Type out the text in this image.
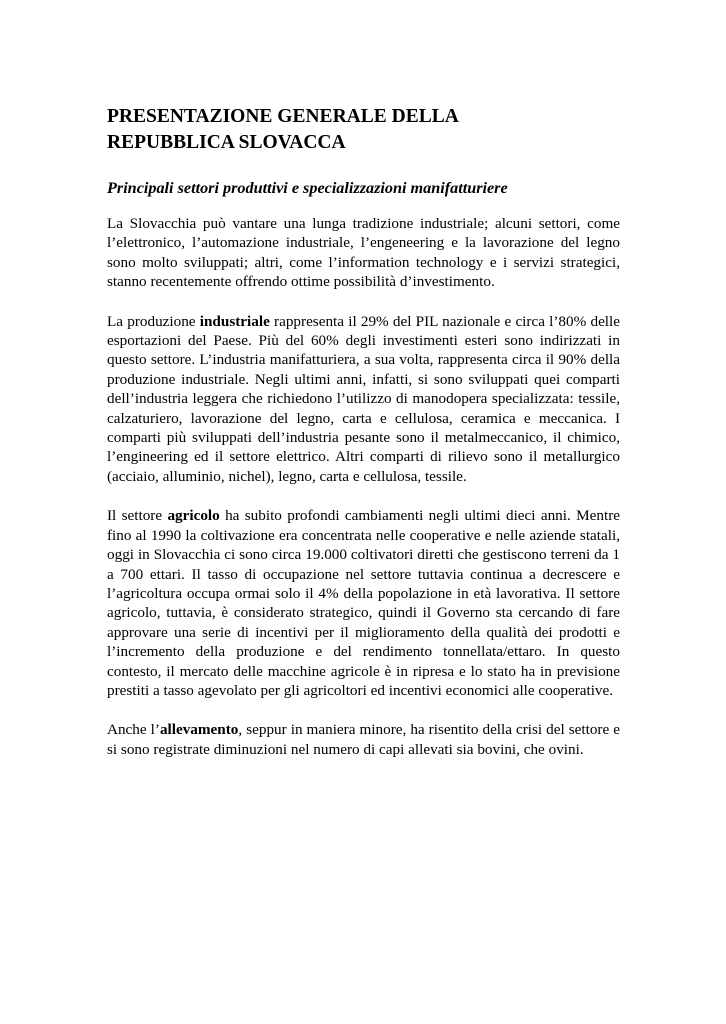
PRESENTAZIONE GENERALE DELLA
REPUBBLICA SLOVACCA
Principali settori produttivi e specializzazioni manifatturiere

La Slovacchia può vantare una lunga tradizione industriale; alcuni settori, come l’elettronico, l’automazione industriale, l’engeneering e la lavorazione del legno sono molto sviluppati; altri, come l’information technology e i servizi strategici, stanno recentemente offrendo ottime possibilità d’investimento.

La produzione industriale rappresenta il 29% del PIL nazionale e circa l’80% delle esportazioni del Paese. Più del 60% degli investimenti esteri sono indirizzati in questo settore. L’industria manifatturiera, a sua volta, rappresenta circa il 90% della produzione industriale. Negli ultimi anni, infatti, si sono sviluppati quei comparti dell’industria leggera che richiedono l’utilizzo di manodopera specializzata: tessile, calzaturiero, lavorazione del legno, carta e cellulosa, ceramica e meccanica. I comparti più sviluppati dell’industria pesante sono il metalmeccanico, il chimico, l’engineering ed il settore elettrico. Altri comparti di rilievo sono il metallurgico (acciaio, alluminio, nichel), legno, carta e cellulosa, tessile.

Il settore agricolo ha subito profondi cambiamenti negli ultimi dieci anni. Mentre fino al 1990 la coltivazione era concentrata nelle cooperative e nelle aziende statali, oggi in Slovacchia ci sono circa 19.000 coltivatori diretti che gestiscono terreni da 1 a 700 ettari. Il tasso di occupazione nel settore tuttavia continua a decrescere e l’agricoltura occupa ormai solo il 4% della popolazione in età lavorativa. Il settore agricolo, tuttavia, è considerato strategico, quindi il Governo sta cercando di fare approvare una serie di incentivi per il miglioramento della qualità dei prodotti e l’incremento della produzione e del rendimento tonnellata/ettaro. In questo contesto, il mercato delle macchine agricole è in ripresa e lo stato ha in previsione prestiti a tasso agevolato per gli agricoltori ed incentivi economici alle cooperative.

Anche l’allevamento, seppur in maniera minore, ha risentito della crisi del settore e si sono registrate diminuzioni nel numero di capi allevati sia bovini, che ovini.
